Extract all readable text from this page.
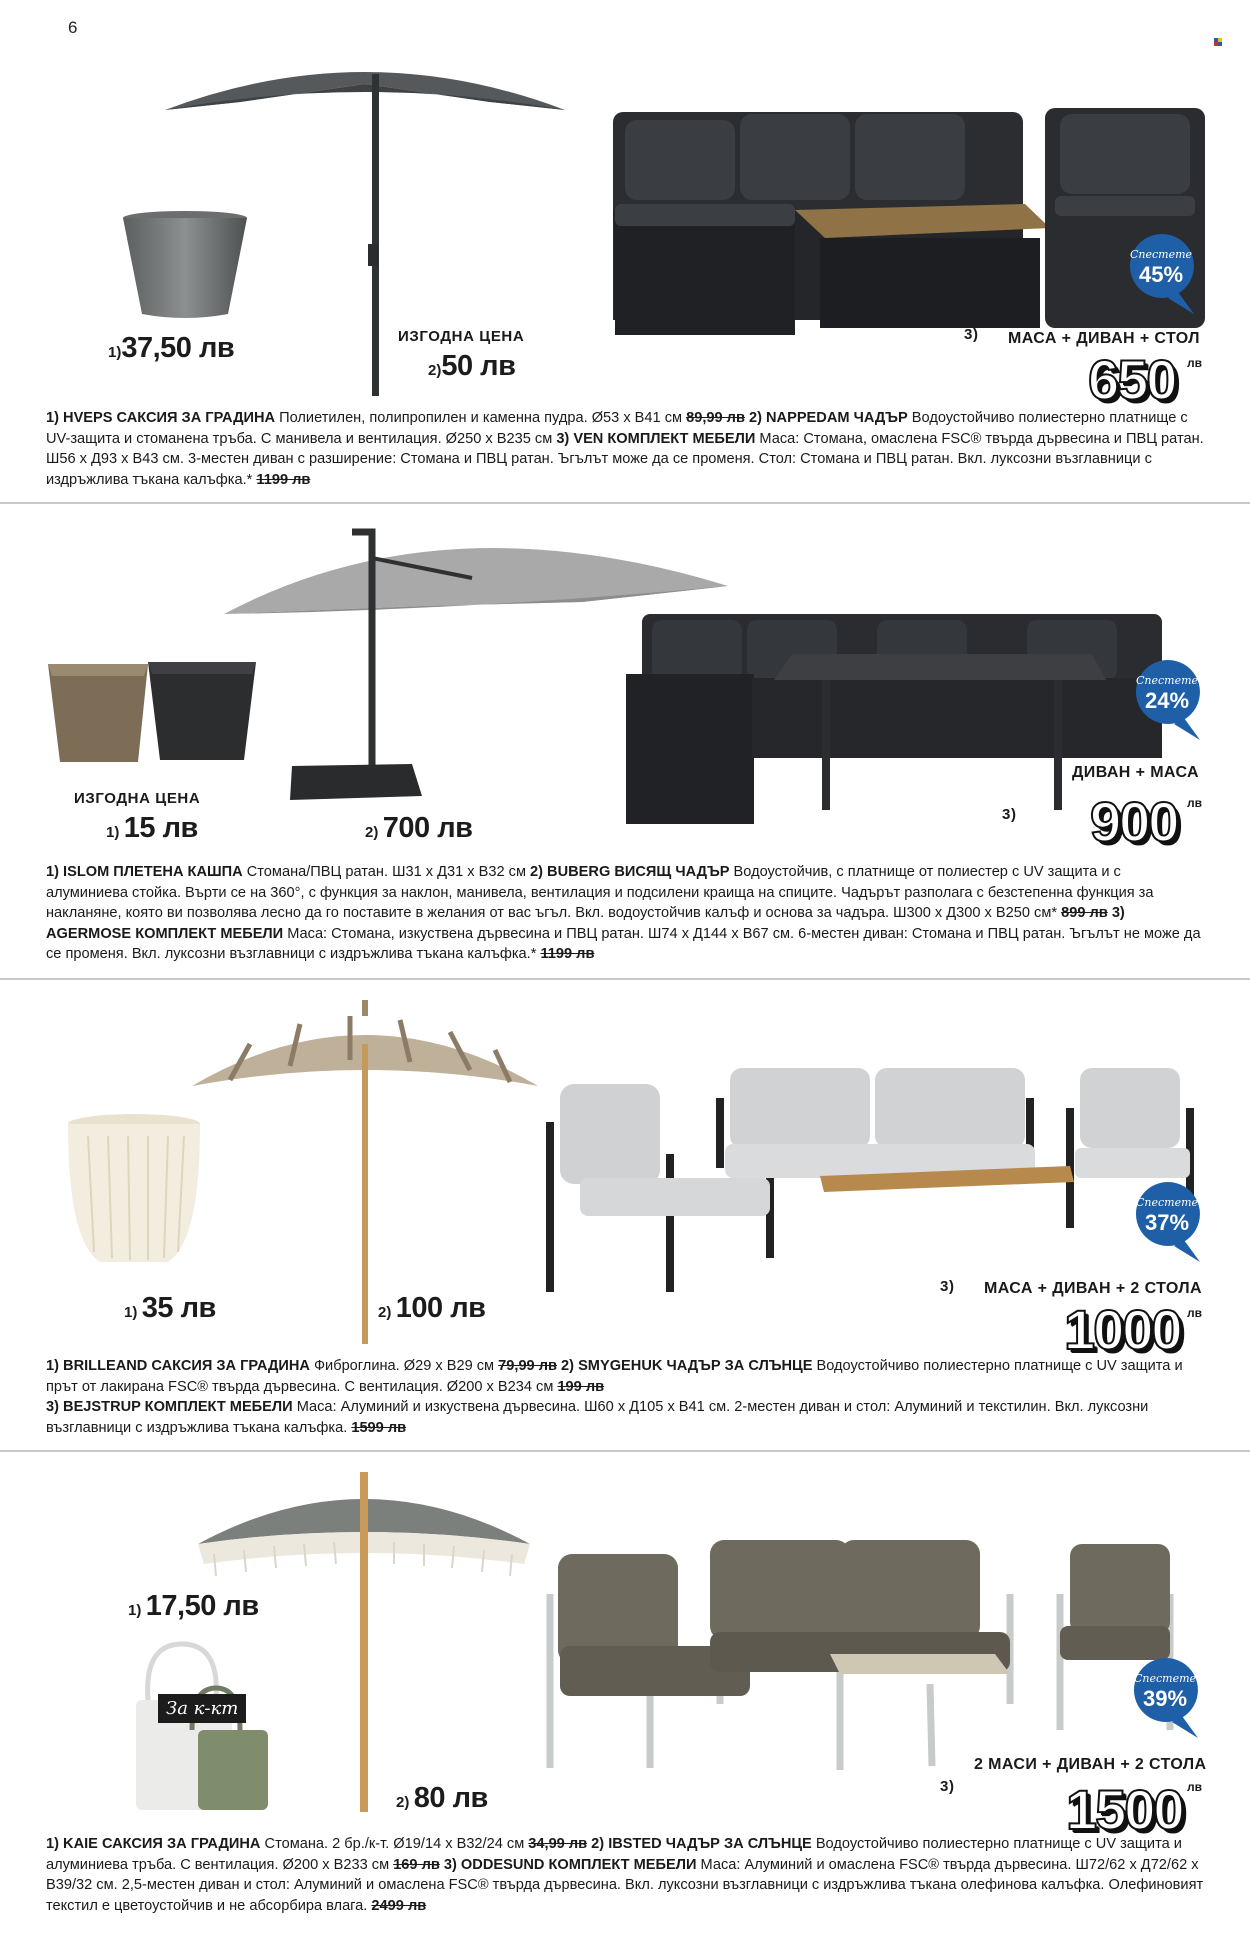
6
1)37,50 лв	ИЗГОДНА ЦЕНА
2)50 лв
3) МАСА + ДИВАН + СТОЛ
650 лв
Спестете
45%
1) HVEPS САКСИЯ ЗА ГРАДИНА Полиетилен, полипропилен и каменна пудра. Ø53 x В41 см 89,99 лв 2) NAPPEDAM ЧАДЪР Водоустойчиво полиестерно платнище с UV-защита и стоманена тръба. С манивела и вентилация. Ø250 x В235 см 3) VEN КОМПЛЕКТ МЕБЕЛИ Маса: Стомана, омаслена FSC® твърда дървесина и ПВЦ ратан. Ш56 x Д93 x В43 см. 3-местен диван с разширение: Стомана и ПВЦ ратан. Ъгълът може да се променя. Стол: Стомана и ПВЦ ратан. Вкл. луксозни възглавници с издръжлива тъкана калъфка.* 1199 лв
ИЗГОДНА ЦЕНА
1) 15 лв	2) 700 лв
ДИВАН + МАСА
3) 900 лв
Спестете
24%
1) ISLOM ПЛЕТЕНА КАШПА Стомана/ПВЦ ратан. Ш31 x Д31 x В32 см 2) BUBERG ВИСЯЩ ЧАДЪР Водоустойчив, с платнище от полиестер с UV защита и с алуминиева стойка. Върти се на 360°, с функция за наклон, манивела, вентилация и подсилени краища на спиците. Чадърът разполага с безстепенна функция за накланяне, която ви позволява лесно да го поставите в желания от вас ъгъл. Вкл. водоустойчив калъф и основа за чадъра. Ш300 x Д300 x В250 см* 899 лв 3) AGERMOSE КОМПЛЕКТ МЕБЕЛИ Маса: Стомана, изкуствена дървесина и ПВЦ ратан. Ш74 x Д144 x В67 см. 6-местен диван: Стомана и ПВЦ ратан. Ъгълът не може да се променя. Вкл. луксозни възглавници с издръжлива тъкана калъфка.* 1199 лв
1) 35 лв	2) 100 лв
3) МАСА + ДИВАН + 2 СТОЛА
1000 лв
Спестете
37%
1) BRILLEAND САКСИЯ ЗА ГРАДИНА Фиброглина. Ø29 x В29 см 79,99 лв 2) SMYGEHUK ЧАДЪР ЗА СЛЪНЦЕ Водоустойчиво полиестерно платнище с UV защита и прът от лакирана FSC® твърда дървесина. С вентилация. Ø200 x В234 см 199 лв
3) BEJSTRUP КОМПЛЕКТ МЕБЕЛИ Маса: Алуминий и изкуствена дървесина. Ш60 x Д105 x В41 см. 2-местен диван и стол: Алуминий и текстилин. Вкл. луксозни възглавници с издръжлива тъкана калъфка. 1599 лв
За к-кт
1) 17,50 лв
2) 80 лв
2 МАСИ + ДИВАН + 2 СТОЛА
3) 1500 лв
Спестете
39%
1) KAIE САКСИЯ ЗА ГРАДИНА Стомана. 2 бр./к-т. Ø19/14 x В32/24 см 34,99 лв 2) IBSTED ЧАДЪР ЗА СЛЪНЦЕ Водоустойчиво полиестерно платнище с UV защита и алуминиева тръба. С вентилация. Ø200 x В233 см 169 лв 3) ODDESUND КОМПЛЕКТ МЕБЕЛИ Маса: Алуминий и омаслена FSC® твърда дървесина. Ш72/62 x Д72/62 x В39/32 см. 2,5-местен диван и стол: Алуминий и омаслена FSC® твърда дървесина. Вкл. луксозни възглавници с издръжлива тъкана олефинова калъфка. Олефиновият текстил е цветоустойчив и не абсорбира влага. 2499 лв
